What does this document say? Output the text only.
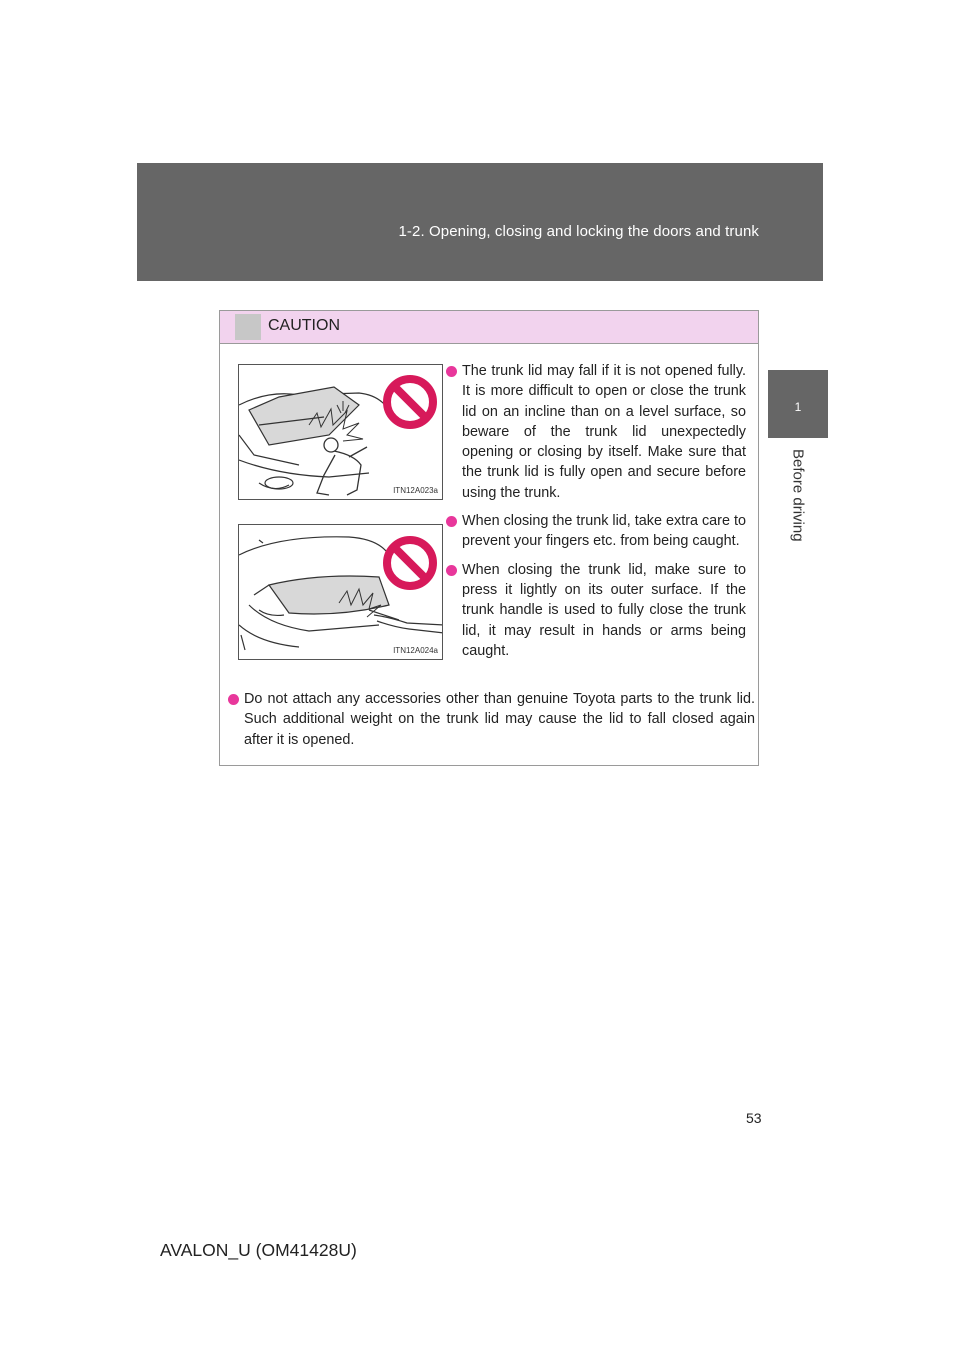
1-2. Opening, closing and locking the doors and trunk
1
Before driving
CAUTION
ITN12A023a
ITN12A024a
The trunk lid may fall if it is not opened fully. It is more difficult to open or close the trunk lid on an incline than on a level surface, so beware of the trunk lid unexpectedly opening or closing by itself. Make sure that the trunk lid is fully open and secure before using the trunk.
When closing the trunk lid, take extra care to prevent your fingers etc. from being caught.
When closing the trunk lid, make sure to press it lightly on its outer surface. If the trunk handle is used to fully close the trunk lid, it may result in hands or arms being caught.
Do not attach any accessories other than genuine Toyota parts to the trunk lid. Such additional weight on the trunk lid may cause the lid to fall closed again after it is opened.
53
AVALON_U (OM41428U)
